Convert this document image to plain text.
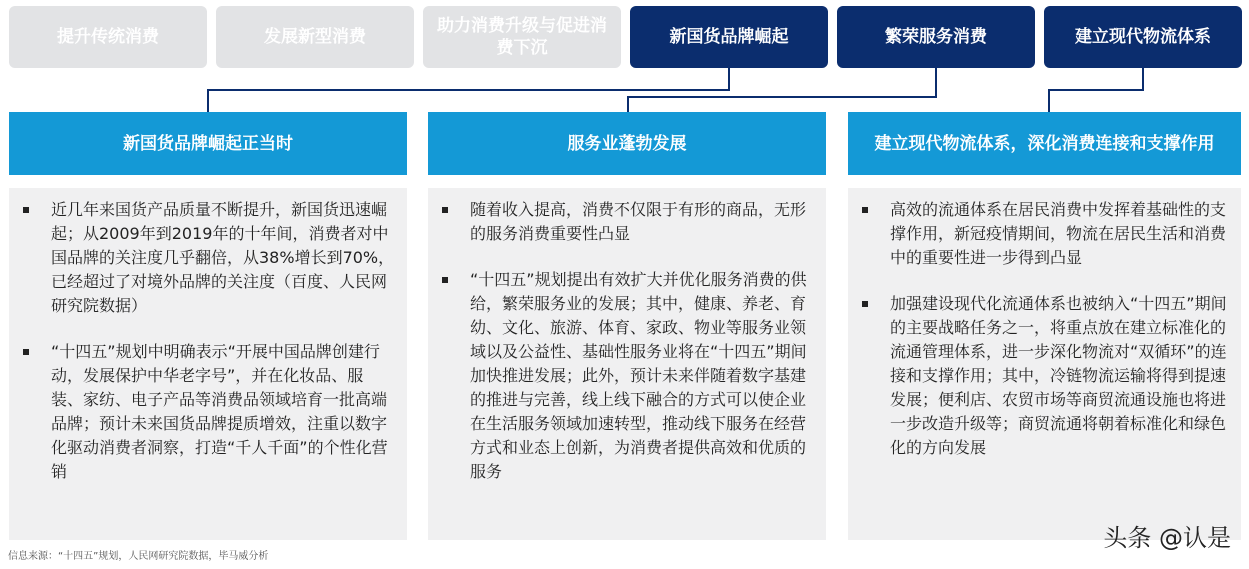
提升传统消费	发展新型消费
助力消费升级与促进消费下沉
新国货品牌崛起	繁荣服务消费	建立现代物流体系
新国货品牌崛起正当时	服务业蓬勃发展	建立现代物流体系，深化消费连接和支撑作用
近几年来国货产品质量不断提升，新国货迅速崛起；从2009年到2019年的十年间，消费者对中国品牌的关注度几乎翻倍，从38%增长到70%，已经超过了对境外品牌的关注度（百度、人民网研究院数据）
“十四五”规划中明确表示“开展中国品牌创建行动，发展保护中华老字号”，并在化妆品、服装、家纺、电子产品等消费品领域培育一批高端品牌；预计未来国货品牌提质增效，注重以数字化驱动消费者洞察，打造“千人千面”的个性化营销
随着收入提高，消费不仅限于有形的商品，无形的服务消费重要性凸显
“十四五”规划提出有效扩大并优化服务消费的供给，繁荣服务业的发展；其中，健康、养老、育幼、文化、旅游、体育、家政、物业等服务业领域以及公益性、基础性服务业将在“十四五”期间加快推进发展；此外，预计未来伴随着数字基建的推进与完善，线上线下融合的方式可以使企业在生活服务领域加速转型，推动线下服务在经营方式和业态上创新，为消费者提供高效和优质的服务
高效的流通体系在居民消费中发挥着基础性的支撑作用，新冠疫情期间，物流在居民生活和消费中的重要性进一步得到凸显
加强建设现代化流通体系也被纳入“十四五”期间的主要战略任务之一，将重点放在建立标准化的流通管理体系，进一步深化物流对“双循环”的连接和支撑作用；其中，冷链物流运输将得到提速发展；便利店、农贸市场等商贸流通设施也将进一步改造升级等；商贸流通将朝着标准化和绿色化的方向发展
信息来源：“十四五”规划，人民网研究院数据，毕马威分析
头条 @认是
